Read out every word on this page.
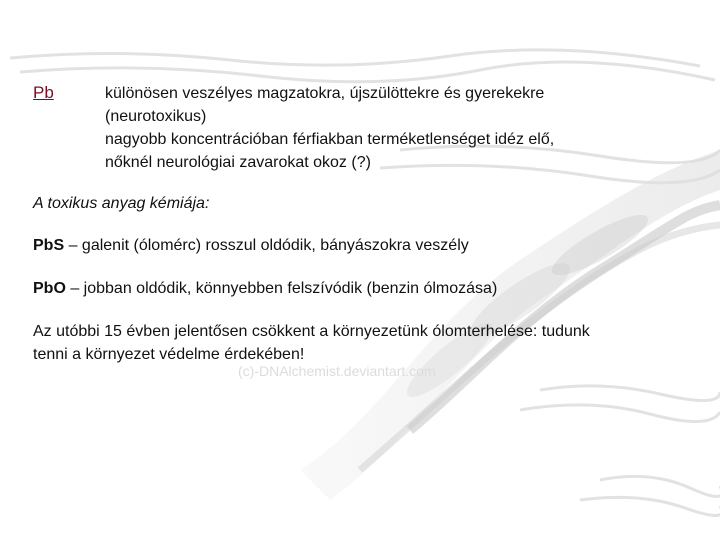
(c)-DNAlchemist.deviantart.com
Pb	különösen veszélyes magzatokra, újszülöttekre és gyerekekre
(neurotoxikus)
nagyobb koncentrációban férfiakban terméketlenséget idéz elő,
nőknél neurológiai zavarokat okoz (?)
A toxikus anyag kémiája:
PbS – galenit (ólomérc) rosszul oldódik, bányászokra veszély
PbO – jobban oldódik, könnyebben felszívódik (benzin ólmozása)
Az utóbbi 15 évben jelentősen csökkent a környezetünk ólomterhelése: tudunk
tenni a környezet védelme érdekében!
